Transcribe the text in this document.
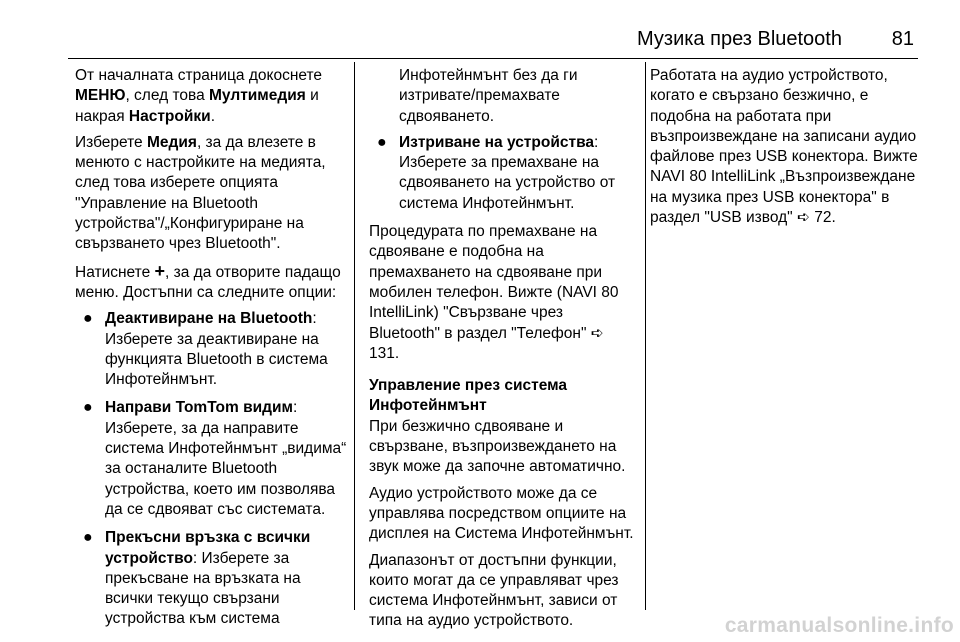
Музика през Bluetooth 81

От началната страница докоснете МЕНЮ, след това Мултимедия и накрая Настройки.

Изберете Медия, за да влезете в менюто с настройките на медията, след това изберете опцията "Управление на Bluetooth устройства"/„Конфигуриране на свързването чрез Bluetooth".

Натиснете +, за да отворите падащо меню. Достъпни са следните опции:

● Деактивиране на Bluetooth: Изберете за деактивиране на функцията Bluetooth в система Инфотейнмънт.
● Направи TomTom видим: Изберете, за да направите система Инфотейнмънт „видима“ за останалите Bluetooth устройства, което им позволява да се сдвояват със системата.
● Прекъсни връзка с всички устройство: Изберете за прекъсване на връзката на всички текущо свързани устройства към система

Инфотейнмънт без да ги изтривате/премахвате сдвояването.

● Изтриване на устройства: Изберете за премахване на сдвояването на устройство от система Инфотейнмънт.

Процедурата по премахване на сдвояване е подобна на премахването на сдвояване при мобилен телефон. Вижте (NAVI 80 IntelliLink) "Свързване чрез Bluetooth" в раздел "Телефон" ➪ 131.

Управление през система Инфотейнмънт

При безжично сдвояване и свързване, възпроизвеждането на звук може да започне автоматично.

Аудио устройството може да се управлява посредством опциите на дисплея на Система Инфотейнмънт.

Диапазонът от достъпни функции, които могат да се управляват чрез система Инфотейнмънт, зависи от типа на аудио устройството.

Работата на аудио устройството, когато е свързано безжично, е подобна на работата при възпроизвеждане на записани аудио файлове през USB конектора. Вижте NAVI 80 IntelliLink „Възпроизвеждане на музика през USB конектора" в раздел "USB извод" ➪ 72.

carmanualsonline.info
